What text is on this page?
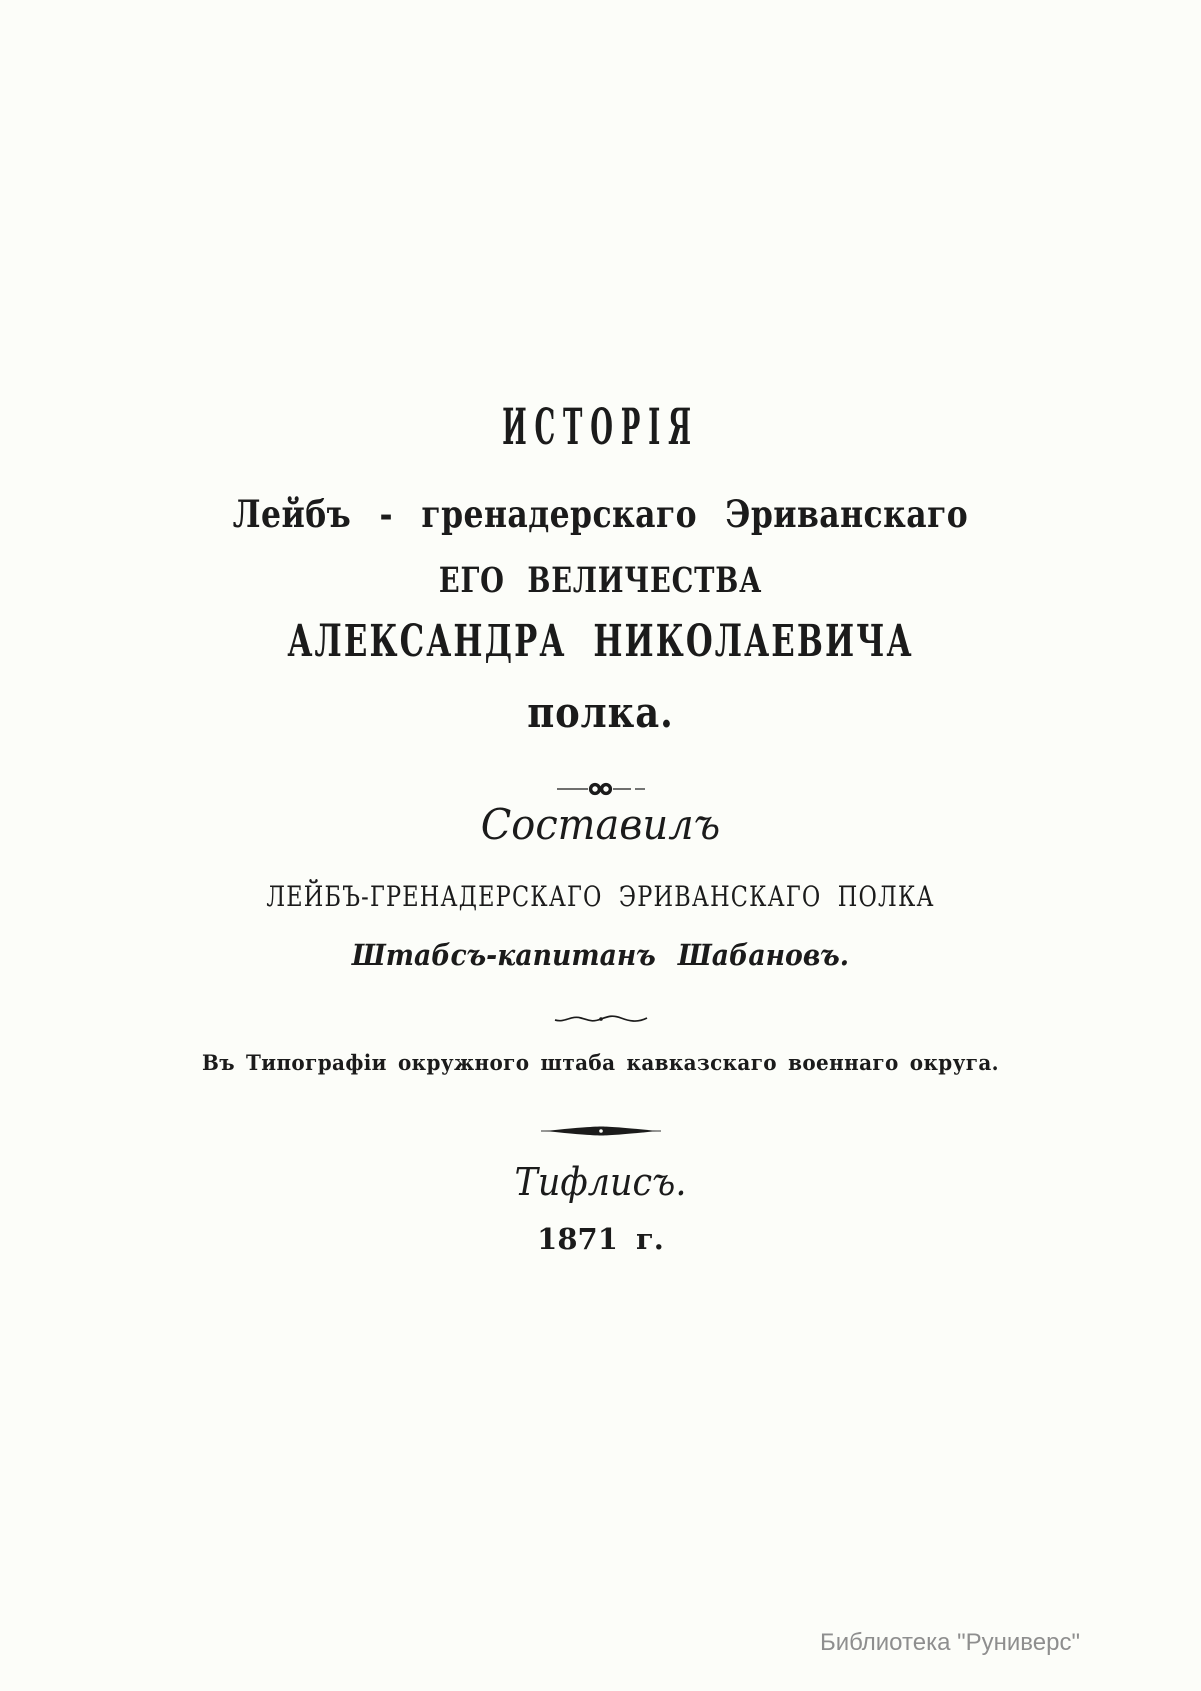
ИСТОРІЯ
Лейбъ - гренадерскаго Эриванскаго
ЕГО ВЕЛИЧЕСТВА
АЛЕКСАНДРА НИКОЛАЕВИЧА
полка.
Составилъ
ЛЕЙБЪ-ГРЕНАДЕРСКАГО ЭРИВАНСКАГО ПОЛКА
Штабсъ-капитанъ Шабановъ.
Въ Типографіи окружного штаба кавказскаго военнаго округа.
Тифлисъ.
1871 г.
Библиотека "Руниверс"
